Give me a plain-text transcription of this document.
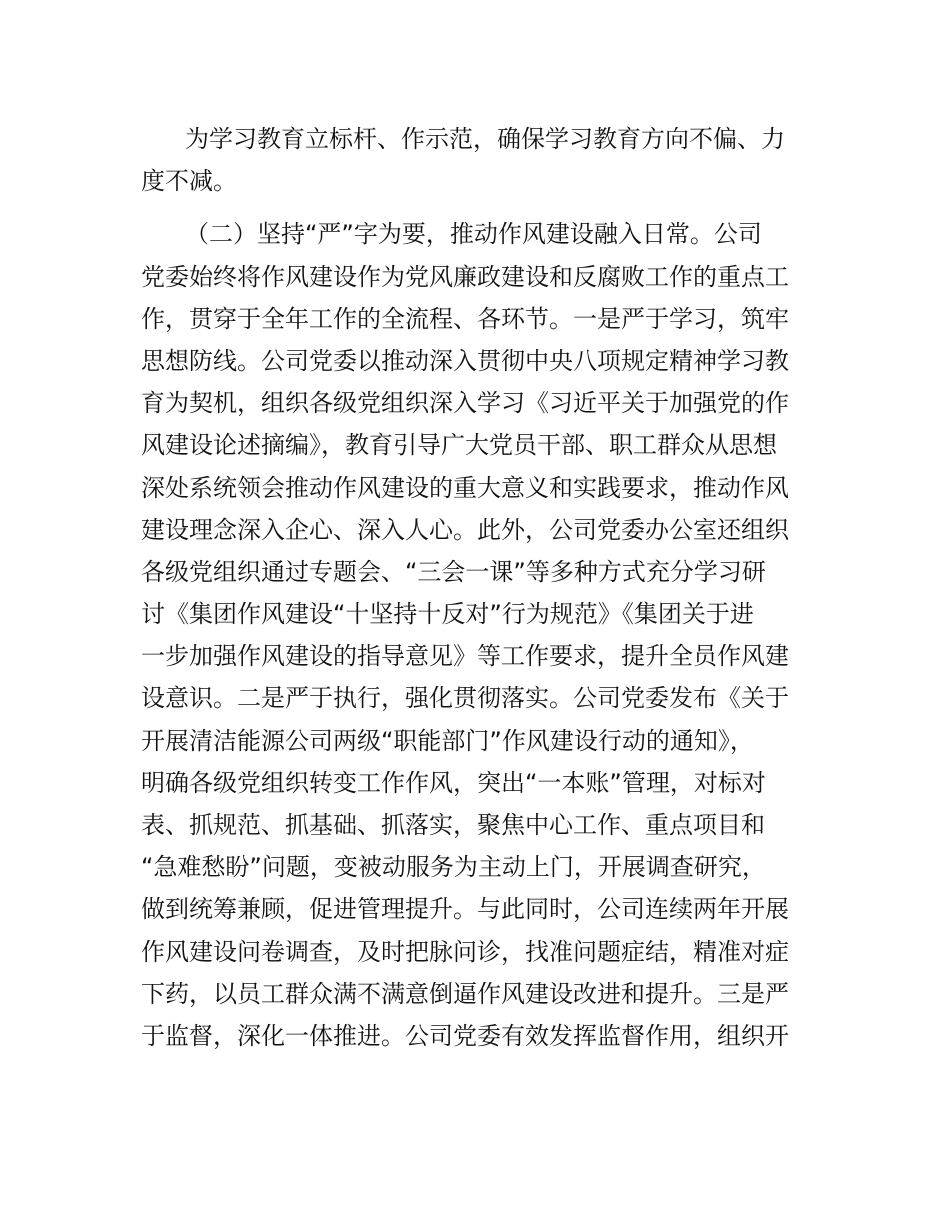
为学习教育立标杆、作示范，确保学习教育方向不偏、力
度不减。
（二）坚持“严”字为要，推动作风建设融入日常。公司
党委始终将作风建设作为党风廉政建设和反腐败工作的重点工
作，贯穿于全年工作的全流程、各环节。一是严于学习，筑牢
思想防线。公司党委以推动深入贯彻中央八项规定精神学习教
育为契机，组织各级党组织深入学习《习近平关于加强党的作
风建设论述摘编》，教育引导广大党员干部、职工群众从思想
深处系统领会推动作风建设的重大意义和实践要求，推动作风
建设理念深入企心、深入人心。此外，公司党委办公室还组织
各级党组织通过专题会、“三会一课”等多种方式充分学习研
讨《集团作风建设“十坚持十反对”行为规范》《集团关于进
一步加强作风建设的指导意见》等工作要求，提升全员作风建
设意识。二是严于执行，强化贯彻落实。公司党委发布《关于
开展清洁能源公司两级“职能部门”作风建设行动的通知》，
明确各级党组织转变工作作风，突出“一本账”管理，对标对
表、抓规范、抓基础、抓落实，聚焦中心工作、重点项目和
“急难愁盼”问题，变被动服务为主动上门，开展调查研究，
做到统筹兼顾，促进管理提升。与此同时，公司连续两年开展
作风建设问卷调查，及时把脉问诊，找准问题症结，精准对症
下药，以员工群众满不满意倒逼作风建设改进和提升。三是严
于监督，深化一体推进。公司党委有效发挥监督作用，组织开
